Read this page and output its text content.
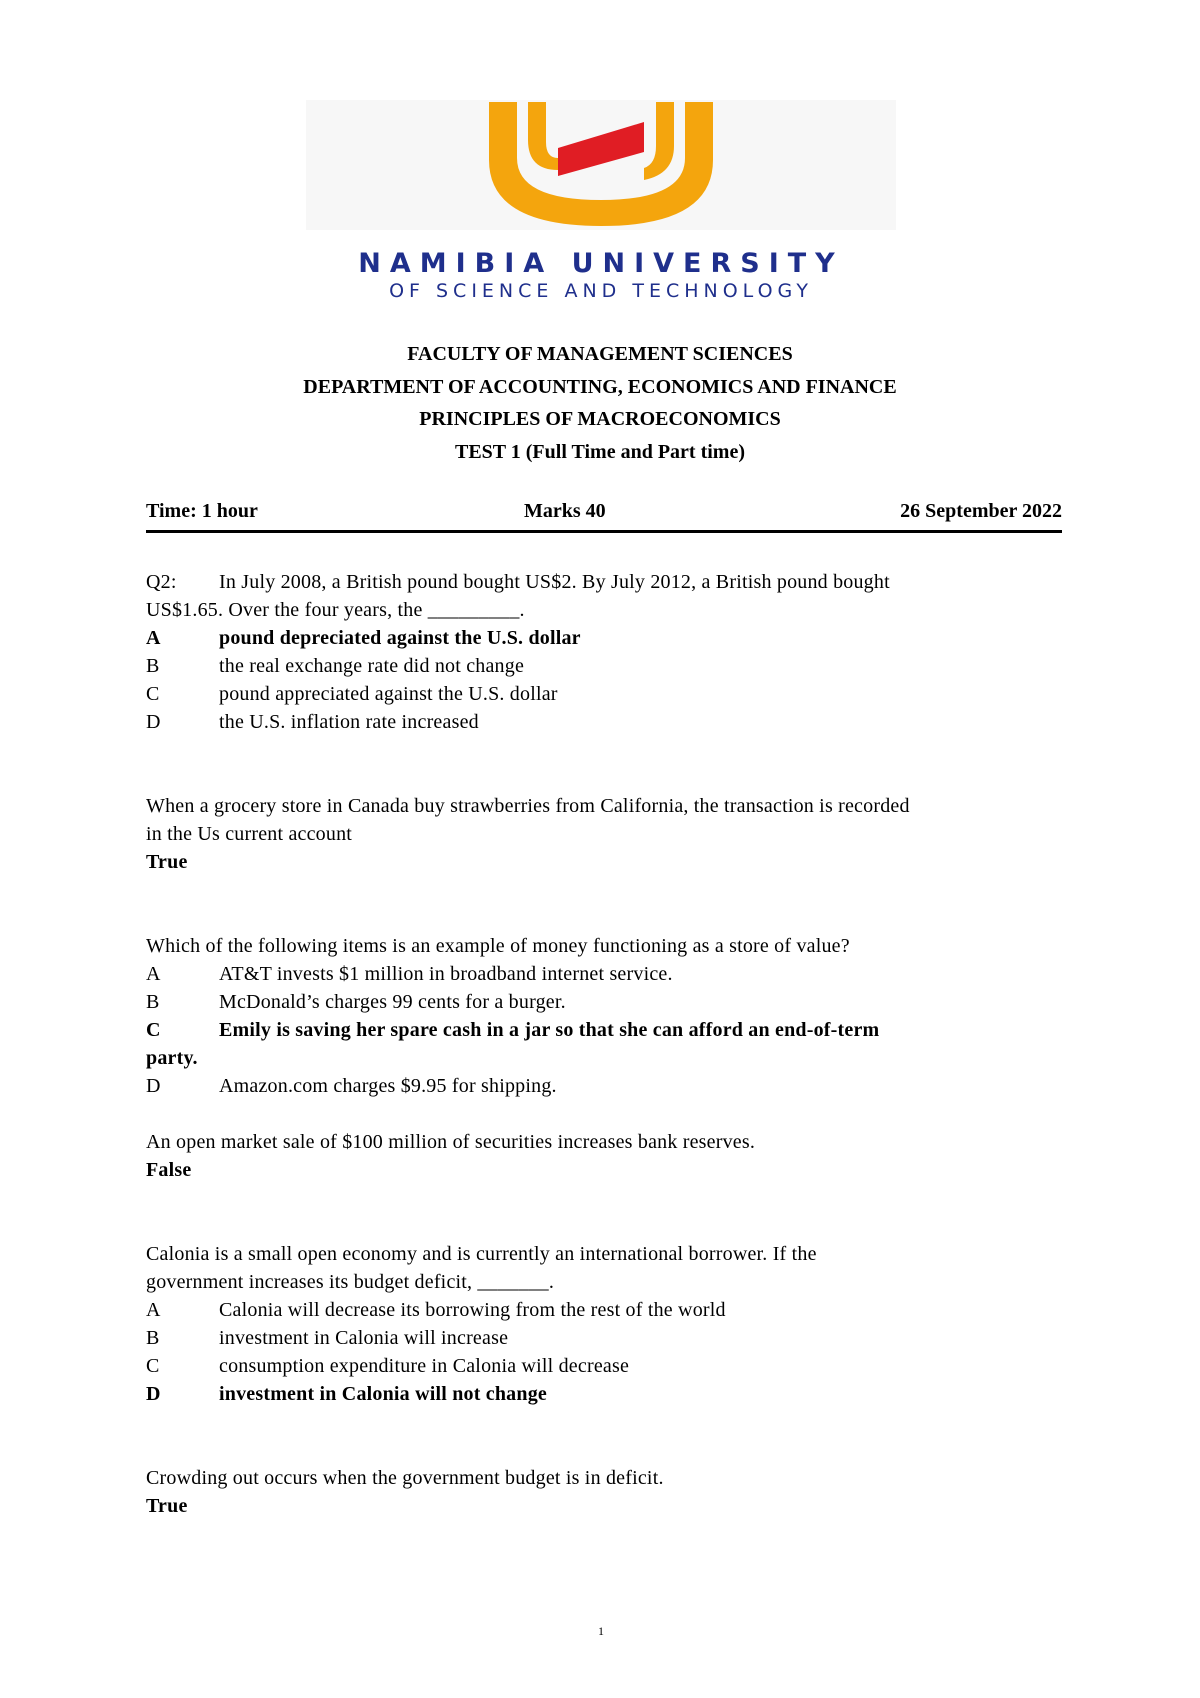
NAMIBIA UNIVERSITY
OF SCIENCE AND TECHNOLOGY
FACULTY OF MANAGEMENT SCIENCES
DEPARTMENT OF ACCOUNTING, ECONOMICS AND FINANCE
PRINCIPLES OF MACROECONOMICS
TEST 1 (Full Time and Part time)
Time: 1 hour	Marks 40	26 September 2022
Q2:	In July 2008, a British pound bought US$2. By July 2012, a British pound bought
US$1.65. Over the four years, the _________.
A	pound depreciated against the U.S. dollar
B	the real exchange rate did not change
C	pound appreciated against the U.S. dollar
D	the U.S. inflation rate increased
When a grocery store in Canada buy strawberries from California, the transaction is recorded
in the Us current account
True
Which of the following items is an example of money functioning as a store of value?
A	AT&T invests $1 million in broadband internet service.
B	McDonald’s charges 99 cents for a burger.
C	Emily is saving her spare cash in a jar so that she can afford an end-of-term
party.
D	Amazon.com charges $9.95 for shipping.
An open market sale of $100 million of securities increases bank reserves.
False
Calonia is a small open economy and is currently an international borrower. If the
government increases its budget deficit, _______.
A	Calonia will decrease its borrowing from the rest of the world
B	investment in Calonia will increase
C	consumption expenditure in Calonia will decrease
D	investment in Calonia will not change
Crowding out occurs when the government budget is in deficit.
True
1
